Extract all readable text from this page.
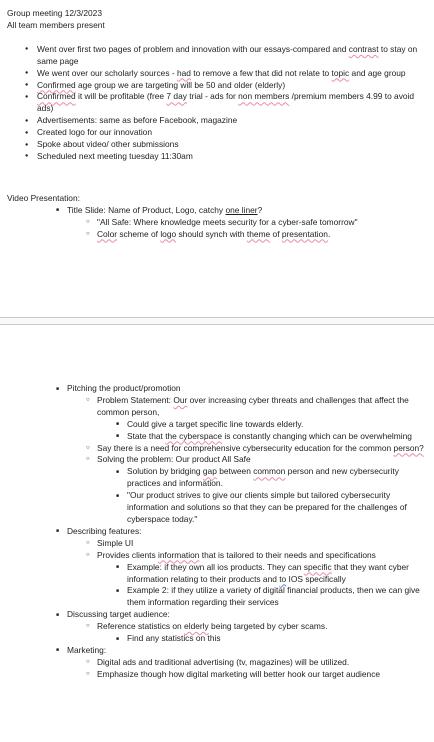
Group meeting 12/3/2023

All team members present

● Went over first two pages of problem and innovation with our essays-compared and contrast to stay on same page
● We went over our scholarly sources - had to remove a few that did not relate to topic and age group
● Confirmed age group we are targeting will be 50 and older (elderly)
● Confirmed it will be profitable (free 7 day trial - ads for non members /premium members 4.99 to avoid ads)
● Advertisements: same as before Facebook, magazine
● Created logo for our innovation
● Spoke about video/ other submissions
● Scheduled next meeting tuesday 11:30am

Video Presentation:

■ Title Slide: Name of Product, Logo, catchy one liner?
○ "All Safe: Where knowledge meets security for a cyber-safe tomorrow"
○ Color scheme of logo should synch with theme of presentation.
■ Pitching the product/promotion
○ Problem Statement: Our over increasing cyber threats and challenges that affect the common person,
■ Could give a target specific line towards elderly.
■ State that the cyberspace is constantly changing which can be overwhelming
○ Say there is a need for comprehensive cybersecurity education for the common person?
○ Solving the problem: Our product All Safe
■ Solution by bridging gap between common person and new cybersecurity practices and information.
■ "Our product strives to give our clients simple but tailored cybersecurity information and solutions so that they can be prepared for the challenges of cyberspace today."
■ Describing features:
○ Simple UI
○ Provides clients information that is tailored to their needs and specifications
■ Example: if they own all ios products. They can specific that they want cyber information relating to their products and to IOS specifically
■ Example 2: if they utilize a variety of digital financial products, then we can give them information regarding their services
■ Discussing target audience:
○ Reference statistics on elderly being targeted by cyber scams.
■ Find any statistics on this
■ Marketing:
○ Digital ads and traditional advertising (tv, magazines) will be utilized.
○ Emphasize though how digital marketing will better hook our target audience
